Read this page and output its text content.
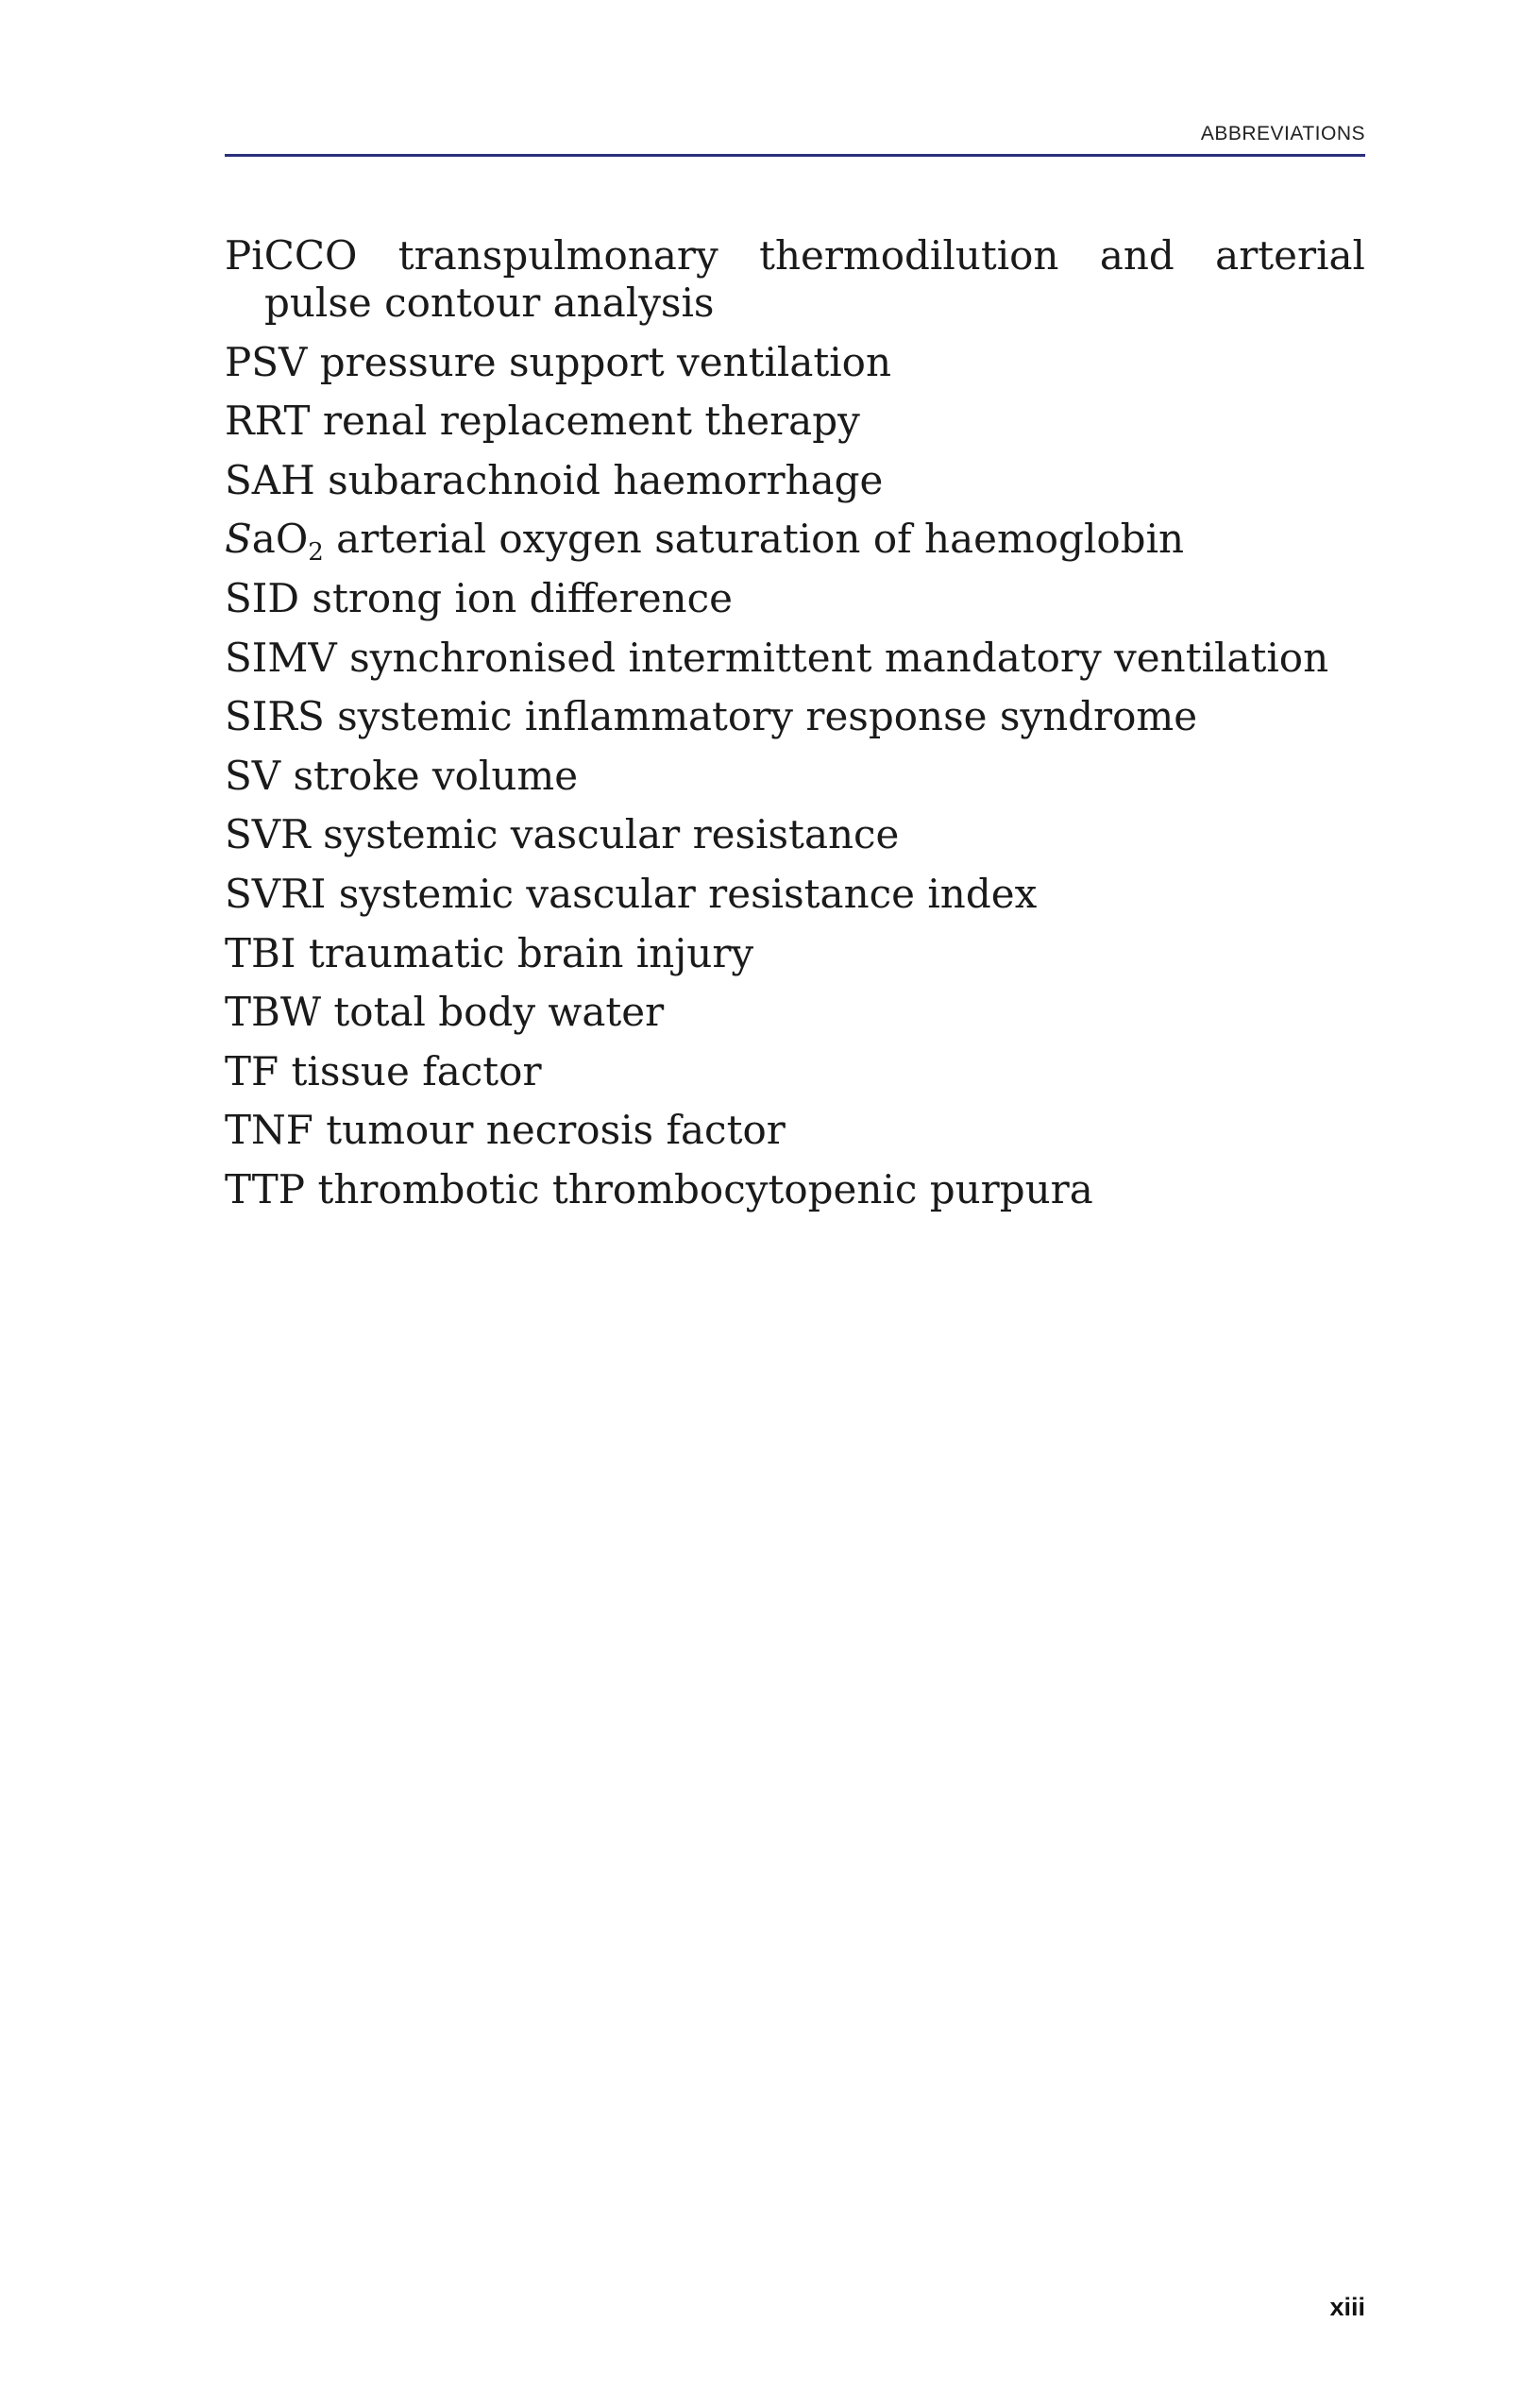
ABBREVIATIONS
PiCCO transpulmonary thermodilution and arterial pulse contour analysis
PSV pressure support ventilation
RRT renal replacement therapy
SAH subarachnoid haemorrhage
SaO$_2$ arterial oxygen saturation of haemoglobin
SID strong ion difference
SIMV synchronised intermittent mandatory ventilation
SIRS systemic inflammatory response syndrome
SV stroke volume
SVR systemic vascular resistance
SVRI systemic vascular resistance index
TBI traumatic brain injury
TBW total body water
TF tissue factor
TNF tumour necrosis factor
TTP thrombotic thrombocytopenic purpura
xiii
